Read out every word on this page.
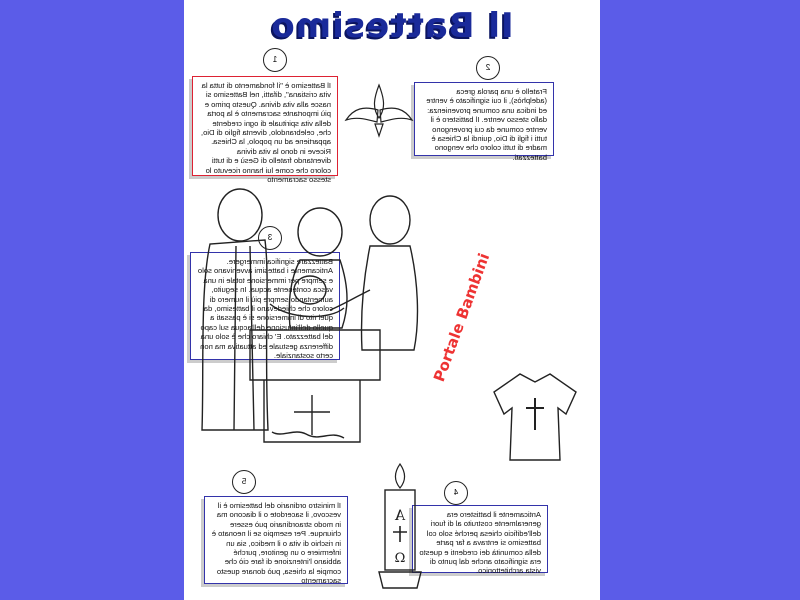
Il Battesimo
Il Battesimo è "il fondamento di tutta la vita cristiana", difatti, nel Battesimo si nasce alla vita divina. Questo primo e più importante sacramento è la porta della vita spirituale di ogni credente che, celebrandolo, diventa figlio di Dio, appartiene ad un popolo, la Chiesa. Riceve in dono la vita divina diventando fratello di Gesù e di tutti coloro che come lui hanno ricevuto lo stesso sacramento
1
Fratello è una parola greca (adelphòs), il cui significato è ventre ed indica una comune provenienza: dallo stesso ventre. Il battistero è il ventre comune da cui provengono tutti i figli di Dio, quindi la Chiesa è madre di tutti coloro che vengono battezzati.
2
Battezzare significa immergere. Anticamente i battesimi avvenivano solo e sempre per immersione totale in una vasca contenente acqua. In seguito, aumentando sempre più il numero di coloro che chiedevano il battesimo, da quel rito di immersione si è passati a quello dell'infusione dell'acqua sul capo del battezzato. E' chiaro che è solo una differenza gestuale ed attuativa ma non certo sostanziale.
3
Anticamente il battistero era generalmente costruito al di fuori dell'edificio chiesa perché solo col battesimo si entrava a far parte della comunità dei credenti e questo era significato anche dal punto di vista architettonico.
4
Il ministro ordinario del battesimo è il vescovo, il sacerdote o il diacono ma in modo straordinario può essere chiunque. Per esempio se il neonato è in rischio di vita o il medico, sia un infermiere o un genitore, purché abbiano l'intenzione di fare ciò che compie la chiesa, può donare questo sacramento
5
A
Ω
Portale Bambini
